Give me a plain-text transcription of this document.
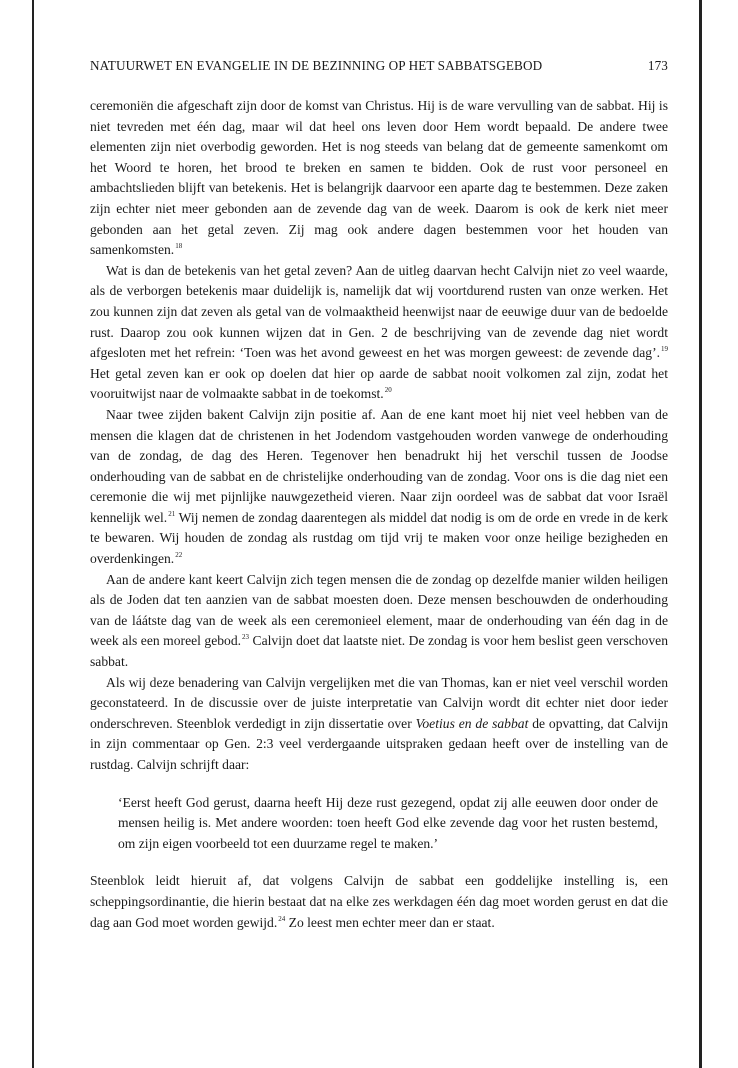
NATUURWET EN EVANGELIE IN DE BEZINNING OP HET SABBATSGEBOD	173

ceremoniën die afgeschaft zijn door de komst van Christus. Hij is de ware vervulling van de sabbat. Hij is niet tevreden met één dag, maar wil dat heel ons leven door Hem wordt bepaald. De andere twee elementen zijn niet overbodig geworden. Het is nog steeds van belang dat de gemeente samenkomt om het Woord te horen, het brood te breken en samen te bidden. Ook de rust voor personeel en ambachtslieden blijft van betekenis. Het is belangrijk daarvoor een aparte dag te bestemmen. Deze zaken zijn echter niet meer gebonden aan de zevende dag van de week. Daarom is ook de kerk niet meer gebonden aan het getal zeven. Zij mag ook andere dagen bestemmen voor het houden van samenkomsten.$^{18}$

Wat is dan de betekenis van het getal zeven? Aan de uitleg daarvan hecht Calvijn niet zo veel waarde, als de verborgen betekenis maar duidelijk is, namelijk dat wij voortdurend rusten van onze werken. Het zou kunnen zijn dat zeven als getal van de volmaaktheid heenwijst naar de eeuwige duur van de bedoelde rust. Daarop zou ook kunnen wijzen dat in Gen. 2 de beschrijving van de zevende dag niet wordt afgesloten met het refrein: ‘Toen was het avond geweest en het was morgen geweest: de zevende dag’.$^{19}$ Het getal zeven kan er ook op doelen dat hier op aarde de sabbat nooit volkomen zal zijn, zodat het vooruitwijst naar de volmaakte sabbat in de toekomst.$^{20}$

Naar twee zijden bakent Calvijn zijn positie af. Aan de ene kant moet hij niet veel hebben van de mensen die klagen dat de christenen in het Jodendom vastgehouden worden vanwege de onderhouding van de zondag, de dag des Heren. Tegenover hen benadrukt hij het verschil tussen de Joodse onderhouding van de sabbat en de christelijke onderhouding van de zondag. Voor ons is die dag niet een ceremonie die wij met pijnlijke nauwgezetheid vieren. Naar zijn oordeel was de sabbat dat voor Israël kennelijk wel.$^{21}$ Wij nemen de zondag daarentegen als middel dat nodig is om de orde en vrede in de kerk te bewaren. Wij houden de zondag als rustdag om tijd vrij te maken voor onze heilige bezigheden en overdenkingen.$^{22}$

Aan de andere kant keert Calvijn zich tegen mensen die de zondag op dezelfde manier wilden heiligen als de Joden dat ten aanzien van de sabbat moesten doen. Deze mensen beschouwden de onderhouding van de láátste dag van de week als een ceremonieel element, maar de onderhouding van één dag in de week als een moreel gebod.$^{23}$ Calvijn doet dat laatste niet. De zondag is voor hem beslist geen verschoven sabbat.

Als wij deze benadering van Calvijn vergelijken met die van Thomas, kan er niet veel verschil worden geconstateerd. In de discussie over de juiste interpretatie van Calvijn wordt dit echter niet door ieder onderschreven. Steenblok verdedigt in zijn dissertatie over Voetius en de sabbat de opvatting, dat Calvijn in zijn commentaar op Gen. 2:3 veel verdergaande uitspraken gedaan heeft over de instelling van de rustdag. Calvijn schrijft daar:

‘Eerst heeft God gerust, daarna heeft Hij deze rust gezegend, opdat zij alle eeuwen door onder de mensen heilig is. Met andere woorden: toen heeft God elke zevende dag voor het rusten bestemd, om zijn eigen voorbeeld tot een duurzame regel te maken.’

Steenblok leidt hieruit af, dat volgens Calvijn de sabbat een goddelijke instelling is, een scheppingsordinantie, die hierin bestaat dat na elke zes werkdagen één dag moet worden gerust en dat die dag aan God moet worden gewijd.$^{24}$ Zo leest men echter meer dan er staat.
